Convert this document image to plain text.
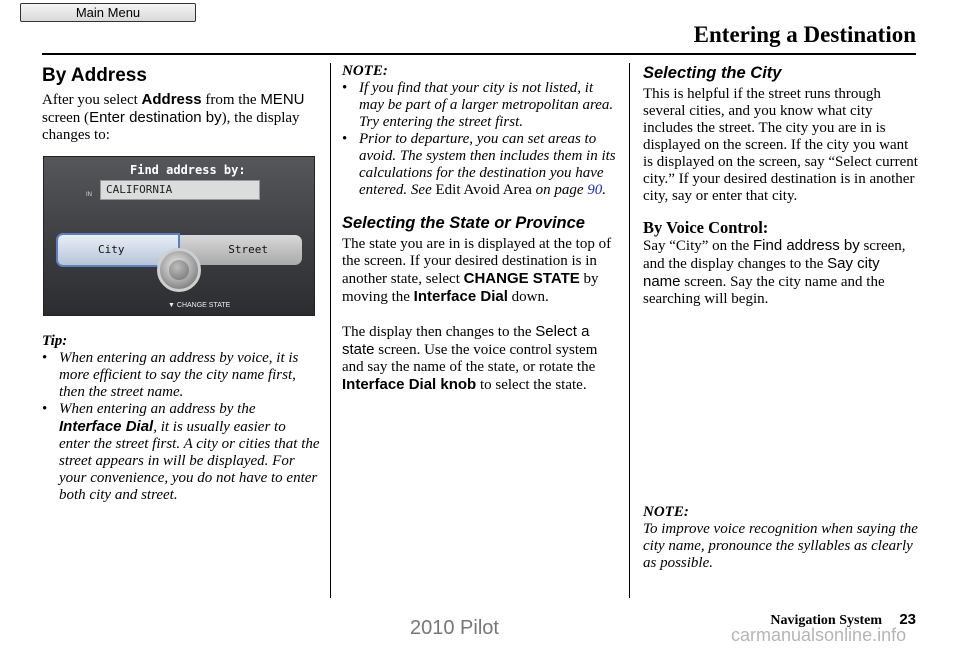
Main Menu
Entering a Destination
By Address

After you select Address from the MENU screen (Enter destination by), the display changes to:

Find address by:
IN	CALIFORNIA
City	Street
▼ CHANGE STATE

Tip:

• When entering an address by voice, it is more efficient to say the city name first, then the street name.
• When entering an address by the Interface Dial, it is usually easier to enter the street first. A city or cities that the street appears in will be displayed. For your convenience, you do not have to enter both city and street.

NOTE:

• If you find that your city is not listed, it may be part of a larger metropolitan area. Try entering the street first.
• Prior to departure, you can set areas to avoid. The system then includes them in its calculations for the destination you have entered. See Edit Avoid Area on page 90.
Selecting the State or Province

The state you are in is displayed at the top of the screen. If your desired destination is in another state, select CHANGE STATE by moving the Interface Dial down.

The display then changes to the Select a state screen. Use the voice control system and say the name of the state, or rotate the Interface Dial knob to select the state.

Selecting the City

This is helpful if the street runs through several cities, and you know what city includes the street. The city you are in is displayed on the screen. If the city you want is displayed on the screen, say “Select current city.” If your desired destination is in another city, say or enter that city.

By Voice Control:

Say “City” on the Find address by screen, and the display changes to the Say city name screen. Say the city name and the searching will begin.

NOTE:

To improve voice recognition when saying the city name, pronounce the syllables as clearly as possible.

Navigation System 23
2010 Pilot	carmanualsonline.info
